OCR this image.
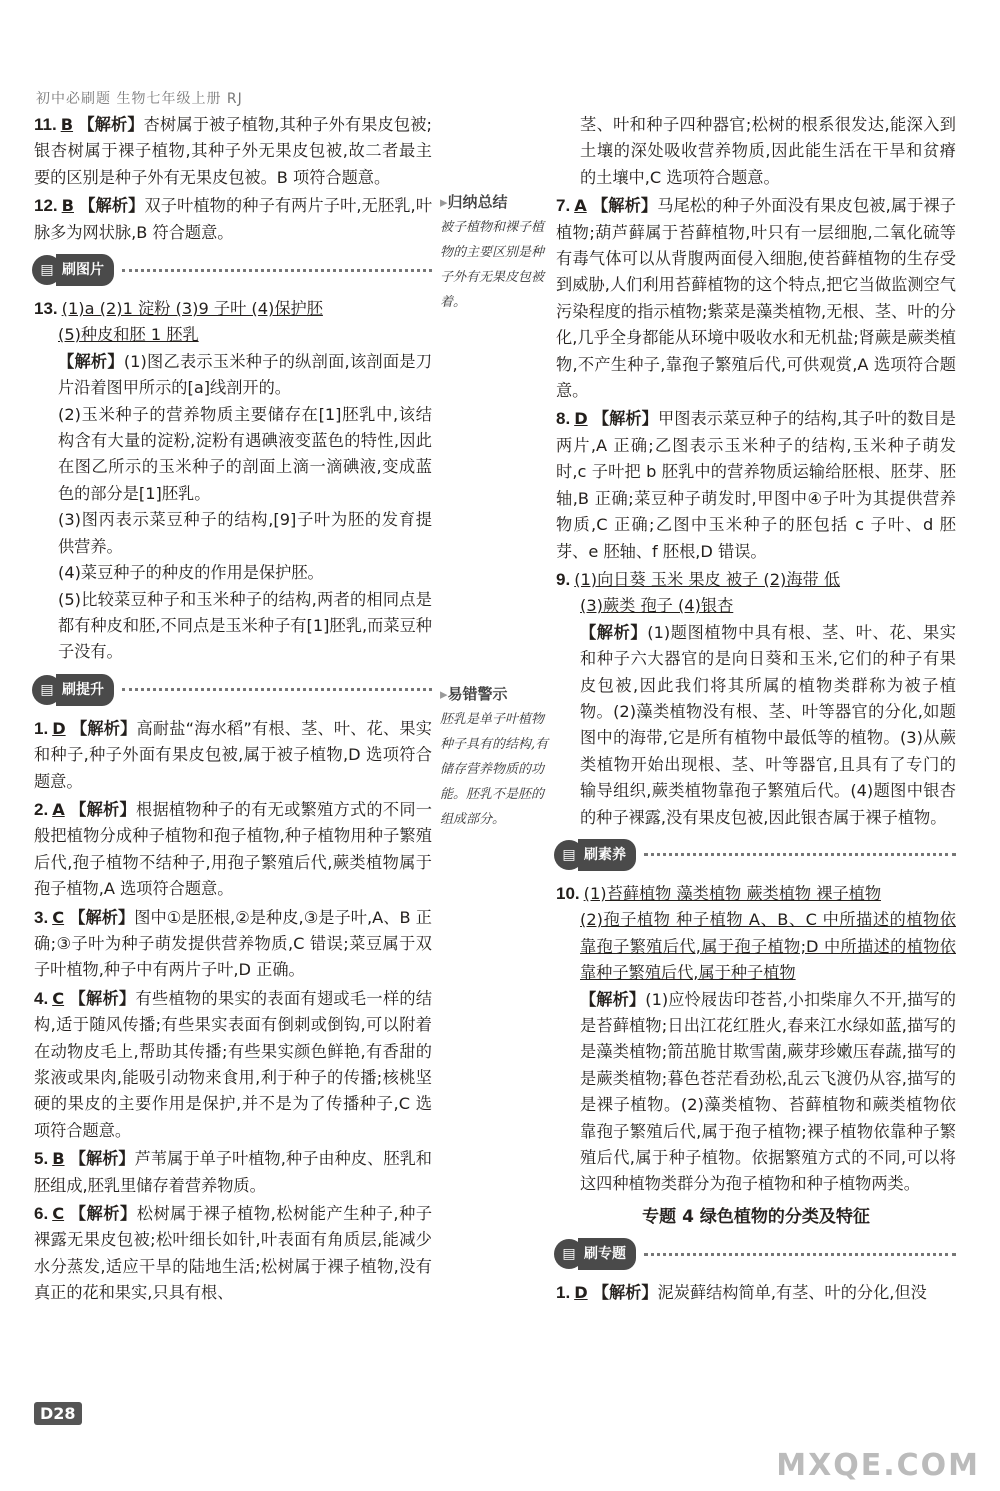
初中必刷题 生物七年级上册 RJ
11. B 【解析】杏树属于被子植物,其种子外有果皮包被;银杏树属于裸子植物,其种子外无果皮包被,故二者最主要的区别是种子外有无果皮包被。B 项符合题意。
12. B 【解析】双子叶植物的种子有两片子叶,无胚乳,叶脉多为网状脉,B 符合题意。
▤ 刷图片
13. (1)a (2)1 淀粉 (3)9 子叶 (4)保护胚
(5)种皮和胚 1 胚乳
【解析】(1)图乙表示玉米种子的纵剖面,该剖面是刀片沿着图甲所示的[a]线剖开的。
(2)玉米种子的营养物质主要储存在[1]胚乳中,该结构含有大量的淀粉,淀粉有遇碘液变蓝色的特性,因此在图乙所示的玉米种子的剖面上滴一滴碘液,变成蓝色的部分是[1]胚乳。
(3)图丙表示菜豆种子的结构,[9]子叶为胚的发育提供营养。
(4)菜豆种子的种皮的作用是保护胚。
(5)比较菜豆种子和玉米种子的结构,两者的相同点是都有种皮和胚,不同点是玉米种子有[1]胚乳,而菜豆种子没有。
▤ 刷提升
1. D 【解析】高耐盐“海水稻”有根、茎、叶、花、果实和种子,种子外面有果皮包被,属于被子植物,D 选项符合题意。
2. A 【解析】根据植物种子的有无或繁殖方式的不同一般把植物分成种子植物和孢子植物,种子植物用种子繁殖后代,孢子植物不结种子,用孢子繁殖后代,蕨类植物属于孢子植物,A 选项符合题意。
3. C 【解析】图中①是胚根,②是种皮,③是子叶,A、B 正确;③子叶为种子萌发提供营养物质,C 错误;菜豆属于双子叶植物,种子中有两片子叶,D 正确。
4. C 【解析】有些植物的果实的表面有翅或毛一样的结构,适于随风传播;有些果实表面有倒刺或倒钩,可以附着在动物皮毛上,帮助其传播;有些果实颜色鲜艳,有香甜的浆液或果肉,能吸引动物来食用,利于种子的传播;核桃坚硬的果皮的主要作用是保护,并不是为了传播种子,C 选项符合题意。
5. B 【解析】芦苇属于单子叶植物,种子由种皮、胚乳和胚组成,胚乳里储存着营养物质。
6. C 【解析】松树属于裸子植物,松树能产生种子,种子裸露无果皮包被;松叶细长如针,叶表面有角质层,能减少水分蒸发,适应干旱的陆地生活;松树属于裸子植物,没有真正的花和果实,只具有根、
▸ 归纳总结
被子植物和裸子植物的主要区别是种子外有无果皮包被着。
▸ 易错警示
胚乳是单子叶植物种子具有的结构,有储存营养物质的功能。胚乳不是胚的组成部分。
茎、叶和种子四种器官;松树的根系很发达,能深入到土壤的深处吸收营养物质,因此能生活在干旱和贫瘠的土壤中,C 选项符合题意。
7. A 【解析】马尾松的种子外面没有果皮包被,属于裸子植物;葫芦藓属于苔藓植物,叶只有一层细胞,二氧化硫等有毒气体可以从背腹两面侵入细胞,使苔藓植物的生存受到威胁,人们利用苔藓植物的这个特点,把它当做监测空气污染程度的指示植物;紫菜是藻类植物,无根、茎、叶的分化,几乎全身都能从环境中吸收水和无机盐;肾蕨是蕨类植物,不产生种子,靠孢子繁殖后代,可供观赏,A 选项符合题意。
8. D 【解析】甲图表示菜豆种子的结构,其子叶的数目是两片,A 正确;乙图表示玉米种子的结构,玉米种子萌发时,c 子叶把 b 胚乳中的营养物质运输给胚根、胚芽、胚轴,B 正确;菜豆种子萌发时,甲图中④子叶为其提供营养物质,C 正确;乙图中玉米种子的胚包括 c 子叶、d 胚芽、e 胚轴、f 胚根,D 错误。
9. (1)向日葵 玉米 果皮 被子 (2)海带 低
(3)蕨类 孢子 (4)银杏
【解析】(1)题图植物中具有根、茎、叶、花、果实和种子六大器官的是向日葵和玉米,它们的种子有果皮包被,因此我们将其所属的植物类群称为被子植物。(2)藻类植物没有根、茎、叶等器官的分化,如题图中的海带,它是所有植物中最低等的植物。(3)从蕨类植物开始出现根、茎、叶等器官,且具有了专门的输导组织,蕨类植物靠孢子繁殖后代。(4)题图中银杏的种子裸露,没有果皮包被,因此银杏属于裸子植物。
▤ 刷素养
10. (1)苔藓植物 藻类植物 蕨类植物 裸子植物
(2)孢子植物 种子植物 A、B、C 中所描述的植物依靠孢子繁殖后代,属于孢子植物;D 中所描述的植物依靠种子繁殖后代,属于种子植物
【解析】(1)应怜屐齿印苍苔,小扣柴扉久不开,描写的是苔藓植物;日出江花红胜火,春来江水绿如蓝,描写的是藻类植物;箭茁脆甘欺雪菌,蕨芽珍嫩压春蔬,描写的是蕨类植物;暮色苍茫看劲松,乱云飞渡仍从容,描写的是裸子植物。(2)藻类植物、苔藓植物和蕨类植物依靠孢子繁殖后代,属于孢子植物;裸子植物依靠种子繁殖后代,属于种子植物。依据繁殖方式的不同,可以将这四种植物类群分为孢子植物和种子植物两类。
专题 4 绿色植物的分类及特征
▤ 刷专题
1. D 【解析】泥炭藓结构简单,有茎、叶的分化,但没
D28
MXQE.COM
